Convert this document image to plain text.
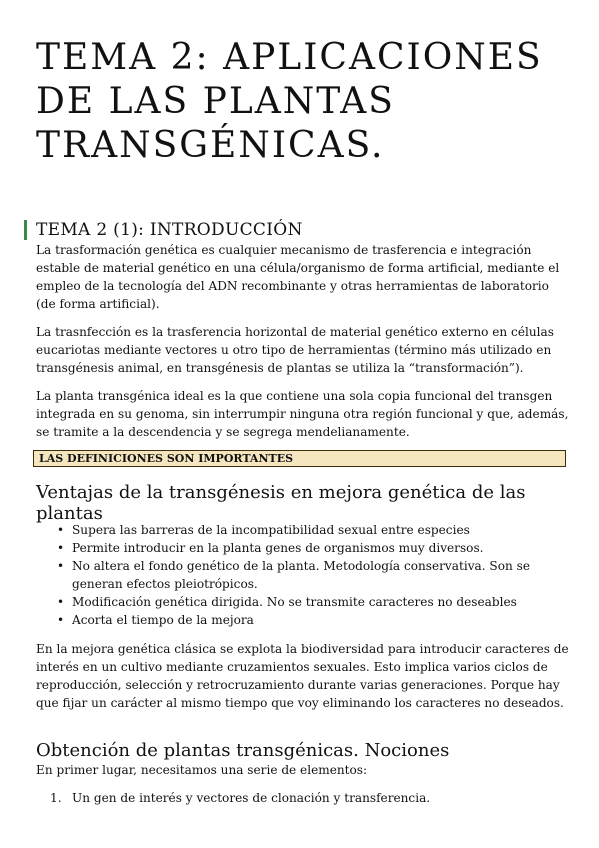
TEMA 2: APLICACIONES DE LAS PLANTAS TRANSGÉNICAS.
TEMA 2 (1): INTRODUCCIÓN

La trasformación genética es cualquier mecanismo de trasferencia e integración estable de material genético en una célula/organismo de forma artificial, mediante el empleo de la tecnología del ADN recombinante y otras herramientas de laboratorio (de forma artificial).

La trasnfección es la trasferencia horizontal de material genético externo en células eucariotas mediante vectores u otro tipo de herramientas (término más utilizado en transgénesis animal, en transgénesis de plantas se utiliza la “transformación”).

La planta transgénica ideal es la que contiene una sola copia funcional del transgen integrada en su genoma, sin interrumpir ninguna otra región funcional y que, además, se tramite a la descendencia y se segrega mendelianamente.

LAS DEFINICIONES SON IMPORTANTES
Ventajas de la transgénesis en mejora genética de las plantas
• Supera las barreras de la incompatibilidad sexual entre especies
• Permite introducir en la planta genes de organismos muy diversos.
• No altera el fondo genético de la planta. Metodología conservativa. Son se generan efectos pleiotrópicos.
• Modificación genética dirigida. No se transmite caracteres no deseables
• Acorta el tiempo de la mejora

En la mejora genética clásica se explota la biodiversidad para introducir caracteres de interés en un cultivo mediante cruzamientos sexuales. Esto implica varios ciclos de reproducción, selección y retrocruzamiento durante varias generaciones. Porque hay que fijar un carácter al mismo tiempo que voy eliminando los caracteres no deseados.

Obtención de plantas transgénicas. Nociones

En primer lugar, necesitamos una serie de elementos:

1. Un gen de interés y vectores de clonación y transferencia.
